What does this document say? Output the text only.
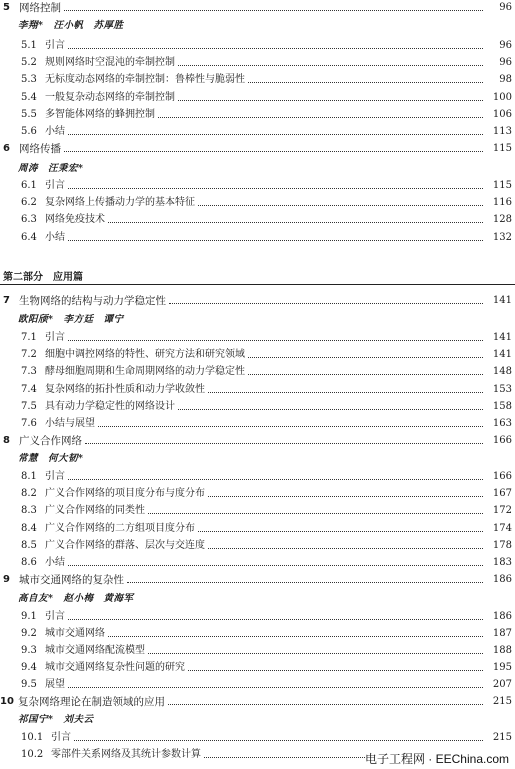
5 网络控制	96
李翔*　汪小帆　苏厚胜
5.1 引言	96
5.2 规则网络时空混沌的牵制控制	96
5.3 无标度动态网络的牵制控制：鲁棒性与脆弱性	98
5.4 一般复杂动态网络的牵制控制	100
5.5 多智能体网络的蜂拥控制	106
5.6 小结	113
6 网络传播	115
周涛　汪秉宏*
6.1 引言	115
6.2 复杂网络上传播动力学的基本特征	116
6.3 网络免疫技术	128
6.4 小结	132
第二部分　应用篇
7 生物网络的结构与动力学稳定性	141
欧阳颀*　李方廷　谭宁
7.1 引言	141
7.2 细胞中调控网络的特性、研究方法和研究领域	141
7.3 酵母细胞周期和生命周期网络的动力学稳定性	148
7.4 复杂网络的拓扑性质和动力学收敛性	153
7.5 具有动力学稳定性的网络设计	158
7.6 小结与展望	163
8 广义合作网络	166
常慧　何大韧*
8.1 引言	166
8.2 广义合作网络的项目度分布与度分布	167
8.3 广义合作网络的同类性	172
8.4 广义合作网络的二方组项目度分布	174
8.5 广义合作网络的群落、层次与交连度	178
8.6 小结	183
9 城市交通网络的复杂性	186
高自友*　赵小梅　黄海军
9.1 引言	186
9.2 城市交通网络	187
9.3 城市交通网络配流模型	188
9.4 城市交通网络复杂性问题的研究	195
9.5 展望	207
10 复杂网络理论在制造领域的应用	215
祁国宁*　刘夫云
10.1 引言	215
10.2 零部件关系网络及其统计参数计算	电子工程网 · EEChina.com
